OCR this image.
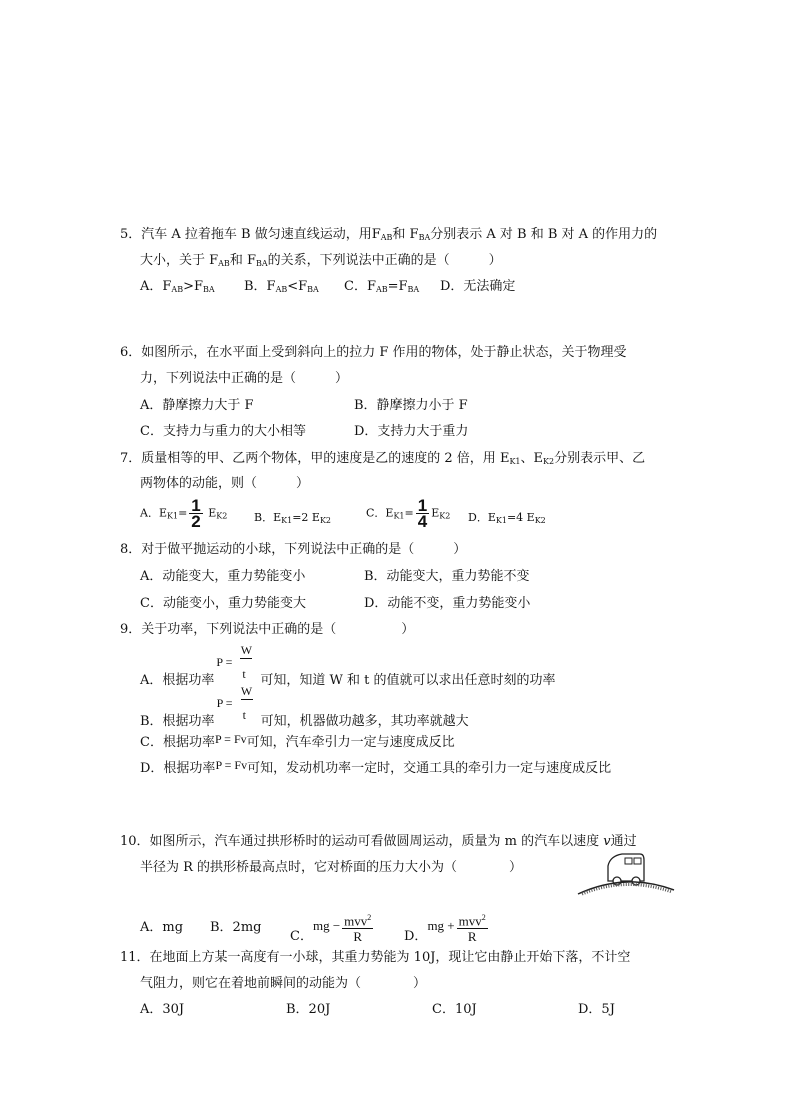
5．汽车 A 拉着拖车 B 做匀速直线运动，用$F_{AB}$和 $F_{BA}$分别表示 A 对 B 和 B 对 A 的作用力的
大小，关于 $F_{AB}$和 $F_{BA}$的关系，下列说法中正确的是（　　　）
A．$F_{AB}>F_{BA}$ B．$F_{AB}<F_{BA}$ C．$F_{AB}=F_{BA}$ D．无法确定
6．如图所示，在水平面上受到斜向上的拉力 F 作用的物体，处于静止状态，关于物理受
力，下列说法中正确的是（　　　）
A．静摩擦力大于 F	B．静摩擦力小于 F
C．支持力与重力的大小相等	D．支持力大于重力
7．质量相等的甲、乙两个物体，甲的速度是乙的速度的 2 倍，用 $E_{K1}$、$E_{K2}$分别表示甲、乙
两物体的动能，则（　　　）
A．$E_{K1}= \frac{1}{2} E_{K2}$ B．$E_{K1}=2$ $E_{K2}$
C．$E_{K1}= \frac{1}{4} E_{K2}$ D．$E_{K1}=4$ $E_{K2}$
8．对于做平抛运动的小球，下列说法中正确的是（　　　）
A．动能变大，重力势能变小	B．动能变大，重力势能不变
C．动能变小，重力势能变大	D．动能不变，重力势能变小
9．关于功率，下列说法中正确的是（　　　　　）
A．根据功率
P =
W
t 可知，知道 W 和 t 的值就可以求出任意时刻的功率
B．根据功率
P =
W
t 可知，机器做功越多，其功率就越大
C．根据功率P = Fv可知，汽车牵引力一定与速度成反比
D．根据功率P = Fv可知，发动机功率一定时，交通工具的牵引力一定与速度成反比
10．如图所示，汽车通过拱形桥时的运动可看做圆周运动，质量为 m 的汽车以速度 v通过
半径为 R 的拱形桥最高点时，它对桥面的压力大小为（　　　　）
A．mg B．2mg
C．mg − $\frac{mvv^2}{R}$ D．mg + $\frac{mvv^2}{R}$
11．在地面上方某一高度有一小球，其重力势能为 10J，现让它由静止开始下落，不计空
气阻力，则它在着地前瞬间的动能为（　　　　）
A．30J	B．20J	C．10J	D．5J
